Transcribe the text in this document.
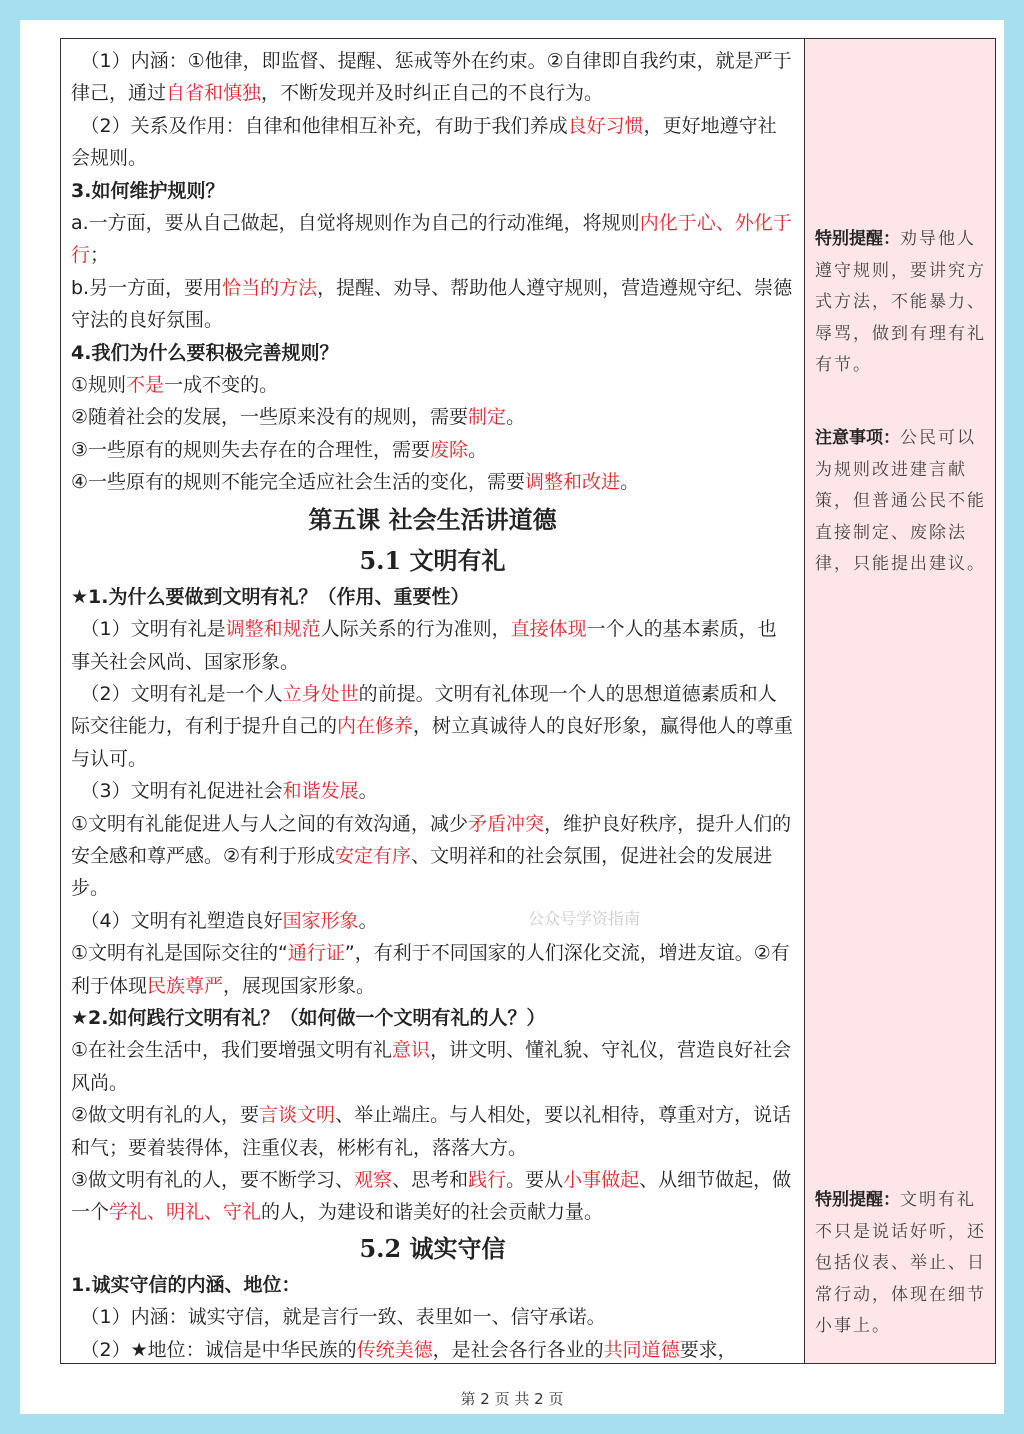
（1）内涵：①他律，即监督、提醒、惩戒等外在约束。②自律即自我约束，就是严于律己，通过自省和慎独，不断发现并及时纠正自己的不良行为。

（2）关系及作用：自律和他律相互补充，有助于我们养成良好习惯，更好地遵守社会规则。

3.如何维护规则？

a.一方面，要从自己做起，自觉将规则作为自己的行动准绳，将规则内化于心、外化于行；

b.另一方面，要用恰当的方法，提醒、劝导、帮助他人遵守规则，营造遵规守纪、崇德守法的良好氛围。

4.我们为什么要积极完善规则？

①规则不是一成不变的。

②随着社会的发展，一些原来没有的规则，需要制定。

③一些原有的规则失去存在的合理性，需要废除。

④一些原有的规则不能完全适应社会生活的变化，需要调整和改进。

第五课 社会生活讲道德

5.1 文明有礼

★1.为什么要做到文明有礼？（作用、重要性）

（1）文明有礼是调整和规范人际关系的行为准则，直接体现一个人的基本素质，也事关社会风尚、国家形象。

（2）文明有礼是一个人立身处世的前提。文明有礼体现一个人的思想道德素质和人际交往能力，有利于提升自己的内在修养，树立真诚待人的良好形象，赢得他人的尊重与认可。

（3）文明有礼促进社会和谐发展。

①文明有礼能促进人与人之间的有效沟通，减少矛盾冲突，维护良好秩序，提升人们的安全感和尊严感。②有利于形成安定有序、文明祥和的社会氛围，促进社会的发展进步。

（4）文明有礼塑造良好国家形象。

①文明有礼是国际交往的“通行证”，有利于不同国家的人们深化交流，增进友谊。②有利于体现民族尊严，展现国家形象。

★2.如何践行文明有礼？（如何做一个文明有礼的人？）

①在社会生活中，我们要增强文明有礼意识，讲文明、懂礼貌、守礼仪，营造良好社会风尚。

②做文明有礼的人，要言谈文明、举止端庄。与人相处，要以礼相待，尊重对方，说话和气；要着装得体，注重仪表，彬彬有礼，落落大方。

③做文明有礼的人，要不断学习、观察、思考和践行。要从小事做起、从细节做起，做一个学礼、明礼、守礼的人，为建设和谐美好的社会贡献力量。

5.2 诚实守信

1.诚实守信的内涵、地位：

（1）内涵：诚实守信，就是言行一致、表里如一、信守承诺。

（2）★地位：诚信是中华民族的传统美德，是社会各行各业的共同道德要求，

特别提醒：劝导他人遵守规则，要讲究方式方法，不能暴力、辱骂，做到有理有礼有节。
注意事项：公民可以为规则改进建言献策，但普通公民不能直接制定、废除法律，只能提出建议。
特别提醒：文明有礼不只是说话好听，还包括仪表、举止、日常行动，体现在细节小事上。
公众号学资指南
第 2 页 共 2 页
